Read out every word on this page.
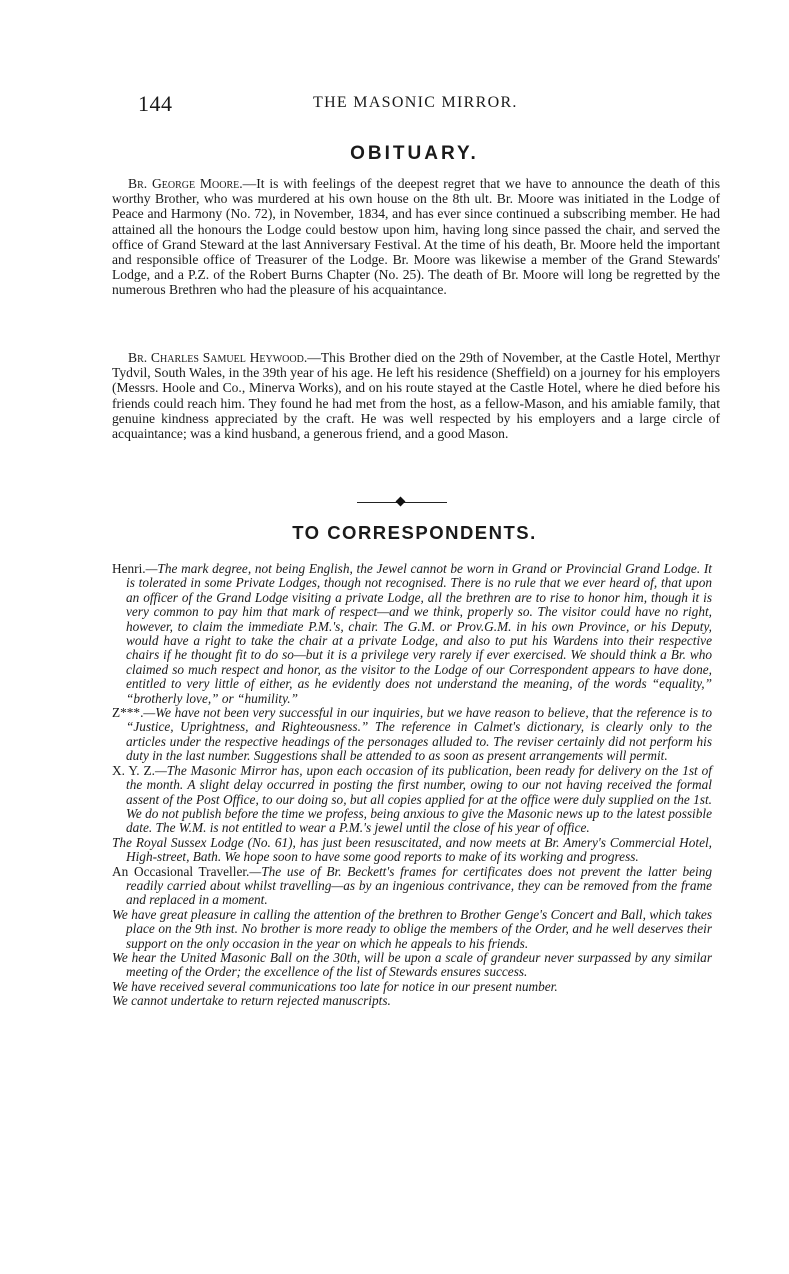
144	THE MASONIC MIRROR.
OBITUARY.

Br. George Moore.—It is with feelings of the deepest regret that we have to announce the death of this worthy Brother, who was murdered at his own house on the 8th ult. Br. Moore was initiated in the Lodge of Peace and Harmony (No. 72), in November, 1834, and has ever since continued a subscribing member. He had attained all the honours the Lodge could bestow upon him, having long since passed the chair, and served the office of Grand Steward at the last Anniversary Festival. At the time of his death, Br. Moore held the important and responsible office of Treasurer of the Lodge. Br. Moore was likewise a member of the Grand Stewards' Lodge, and a P.Z. of the Robert Burns Chapter (No. 25). The death of Br. Moore will long be regretted by the numerous Brethren who had the pleasure of his acquaintance.

Br. Charles Samuel Heywood.—This Brother died on the 29th of November, at the Castle Hotel, Merthyr Tydvil, South Wales, in the 39th year of his age. He left his residence (Sheffield) on a journey for his employers (Messrs. Hoole and Co., Minerva Works), and on his route stayed at the Castle Hotel, where he died before his friends could reach him. They found he had met from the host, as a fellow-Mason, and his amiable family, that genuine kindness appreciated by the craft. He was well respected by his employers and a large circle of acquaintance; was a kind husband, a generous friend, and a good Mason.

TO CORRESPONDENTS.

Henri.—The mark degree, not being English, the Jewel cannot be worn in Grand or Provincial Grand Lodge. It is tolerated in some Private Lodges, though not recognised. There is no rule that we ever heard of, that upon an officer of the Grand Lodge visiting a private Lodge, all the brethren are to rise to honor him, though it is very common to pay him that mark of respect—and we think, properly so. The visitor could have no right, however, to claim the immediate P.M.'s, chair. The G.M. or Prov.G.M. in his own Province, or his Deputy, would have a right to take the chair at a private Lodge, and also to put his Wardens into their respective chairs if he thought fit to do so—but it is a privilege very rarely if ever exercised. We should think a Br. who claimed so much respect and honor, as the visitor to the Lodge of our Correspondent appears to have done, entitled to very little of either, as he evidently does not understand the meaning, of the words “equality,” “brotherly love,” or “humility.”

Z***.—We have not been very successful in our inquiries, but we have reason to believe, that the reference is to “Justice, Uprightness, and Righteousness.” The reference in Calmet's dictionary, is clearly only to the articles under the respective headings of the personages alluded to. The reviser certainly did not perform his duty in the last number. Suggestions shall be attended to as soon as present arrangements will permit.

X. Y. Z.—The Masonic Mirror has, upon each occasion of its publication, been ready for delivery on the 1st of the month. A slight delay occurred in posting the first number, owing to our not having received the formal assent of the Post Office, to our doing so, but all copies applied for at the office were duly supplied on the 1st. We do not publish before the time we profess, being anxious to give the Masonic news up to the latest possible date. The W.M. is not entitled to wear a P.M.'s jewel until the close of his year of office.

The Royal Sussex Lodge (No. 61), has just been resuscitated, and now meets at Br. Amery's Commercial Hotel, High-street, Bath. We hope soon to have some good reports to make of its working and progress.

An Occasional Traveller.—The use of Br. Beckett's frames for certificates does not prevent the latter being readily carried about whilst travelling—as by an ingenious contrivance, they can be removed from the frame and replaced in a moment.

We have great pleasure in calling the attention of the brethren to Brother Genge's Concert and Ball, which takes place on the 9th inst. No brother is more ready to oblige the members of the Order, and he well deserves their support on the only occasion in the year on which he appeals to his friends.

We hear the United Masonic Ball on the 30th, will be upon a scale of grandeur never surpassed by any similar meeting of the Order; the excellence of the list of Stewards ensures success.

We have received several communications too late for notice in our present number.

We cannot undertake to return rejected manuscripts.
